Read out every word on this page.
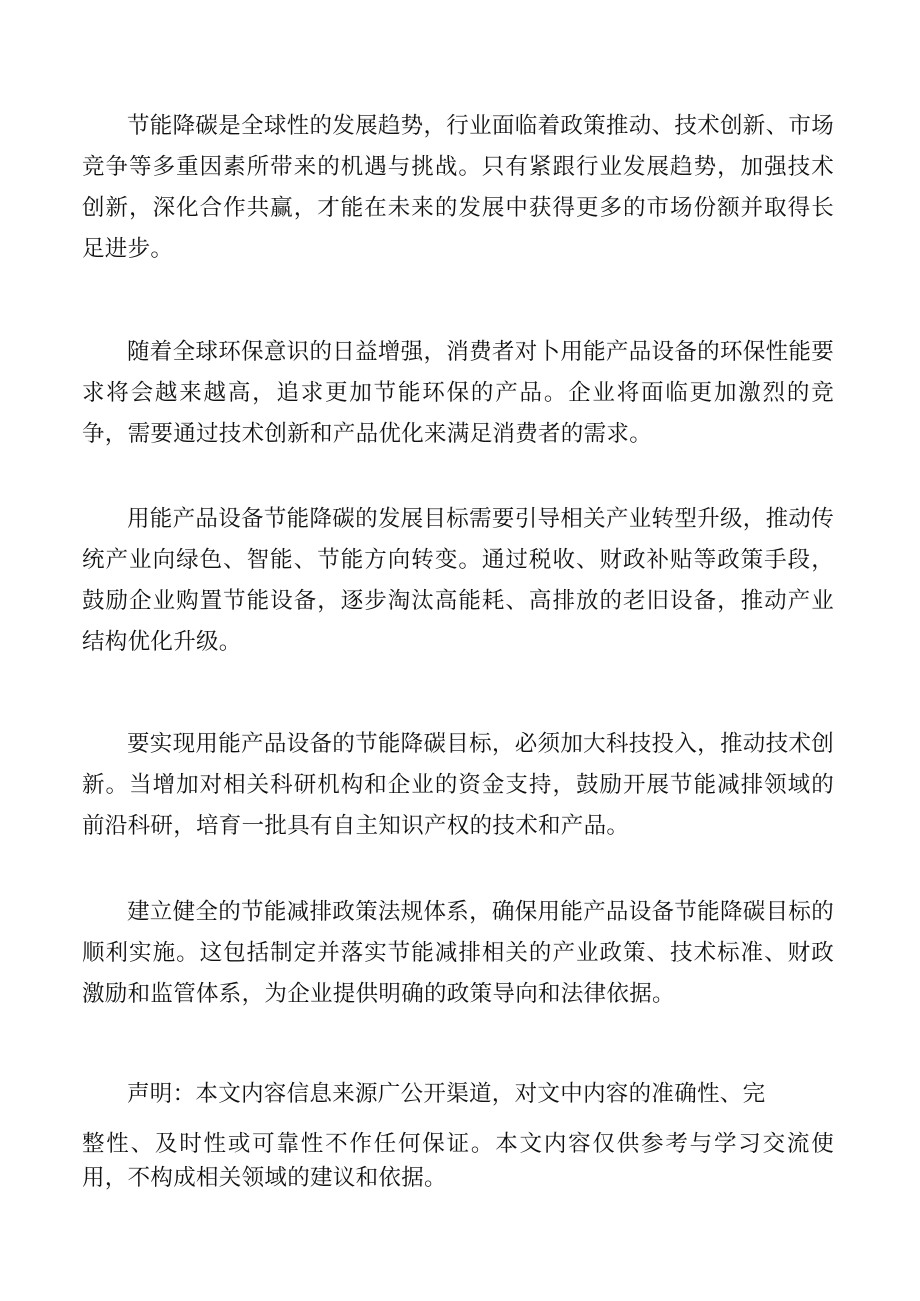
节能降碳是全球性的发展趋势，行业面临着政策推动、技术创新、市场竞争等多重因素所带来的机遇与挑战。只有紧跟行业发展趋势，加强技术创新，深化合作共赢，才能在未来的发展中获得更多的市场份额并取得长足进步。

随着全球环保意识的日益增强，消费者对卜用能产品设备的环保性能要求将会越来越高，追求更加节能环保的产品。企业将面临更加激烈的竞争，需要通过技术创新和产品优化来满足消费者的需求。

用能产品设备节能降碳的发展目标需要引导相关产业转型升级，推动传统产业向绿色、智能、节能方向转变。通过税收、财政补贴等政策手段，鼓励企业购置节能设备，逐步淘汰高能耗、高排放的老旧设备，推动产业结构优化升级。

要实现用能产品设备的节能降碳目标，必须加大科技投入，推动技术创新。当增加对相关科研机构和企业的资金支持，鼓励开展节能减排领域的前沿科研，培育一批具有自主知识产权的技术和产品。

建立健全的节能减排政策法规体系，确保用能产品设备节能降碳目标的顺利实施。这包括制定并落实节能减排相关的产业政策、技术标准、财政激励和监管体系，为企业提供明确的政策导向和法律依据。

声明：本文内容信息来源广公开渠道，对文中内容的准确性、完
整性、及时性或可靠性不作任何保证。本文内容仅供参考与学习交流使用，不构成相关领域的建议和依据。
